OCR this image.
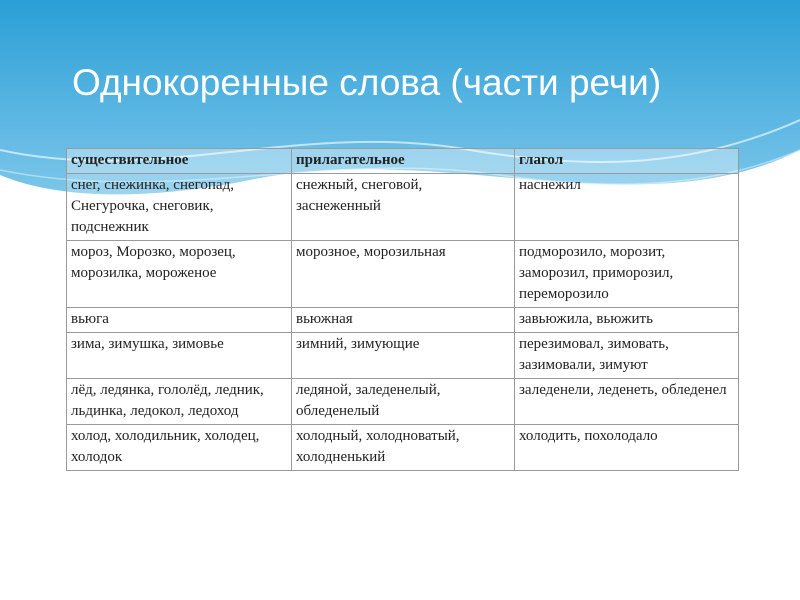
Однокоренные слова (части речи)
существительное	прилагательное	глагол
снег, снежинка, снегопад, Снегурочка, снеговик, подснежник	снежный, снеговой, заснеженный	наснежил
мороз, Морозко, морозец, морозилка, мороженое	морозное, морозильная	подморозило, морозит, заморозил, приморозил, переморозило
вьюга	вьюжная	завьюжила, вьюжить
зима, зимушка, зимовье	зимний, зимующие	перезимовал, зимовать, зазимовали, зимуют
лёд, ледянка, гололёд, ледник, льдинка, ледокол, ледоход	ледяной, заледенелый, обледенелый	заледенели, леденеть, обледенел
холод, холодильник, холодец, холодок	холодный, холодноватый, холодненький	холодить, похолодало
